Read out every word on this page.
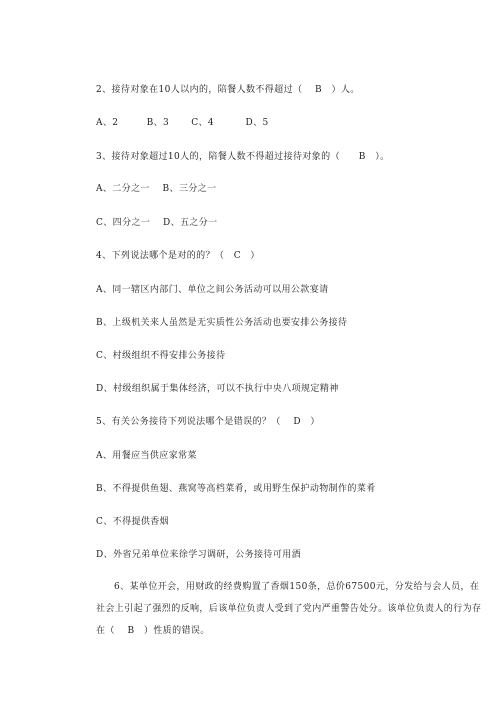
2、接待对象在10人以内的，陪餐人数不得超过（　 B　）人。
A、2　　　B、3　　 C、4　　　 D、5
3、接待对象超过10人的，陪餐人数不得超过接待对象的（　　B　）。
A、二分之一　 B、三分之一
C、四分之一　 D、五之分一
4、下列说法哪个是对的的？（　C　）
A、同一辖区内部门、单位之间公务活动可以用公款宴请
B、上级机关来人虽然是无实质性公务活动也要安排公务接待
C、村级组织不得安排公务接待
D、村级组织属于集体经济，可以不执行中央八项规定精神
5、有关公务接待下列说法哪个是错误的？（　 D　）
A、用餐应当供应家常菜
B、不得提供鱼翅、燕窝等高档菜肴，或用野生保护动物制作的菜肴
C、不得提供香烟
D、外省兄弟单位来徐学习调研，公务接待可用酒
6、某单位开会，用财政的经费购置了香烟150条，总价67500元，分发给与会人员，在
社会上引起了强烈的反响，后该单位负责人受到了党内严重警告处分。该单位负责人的行为存
在（　 B　）性质的错误。
